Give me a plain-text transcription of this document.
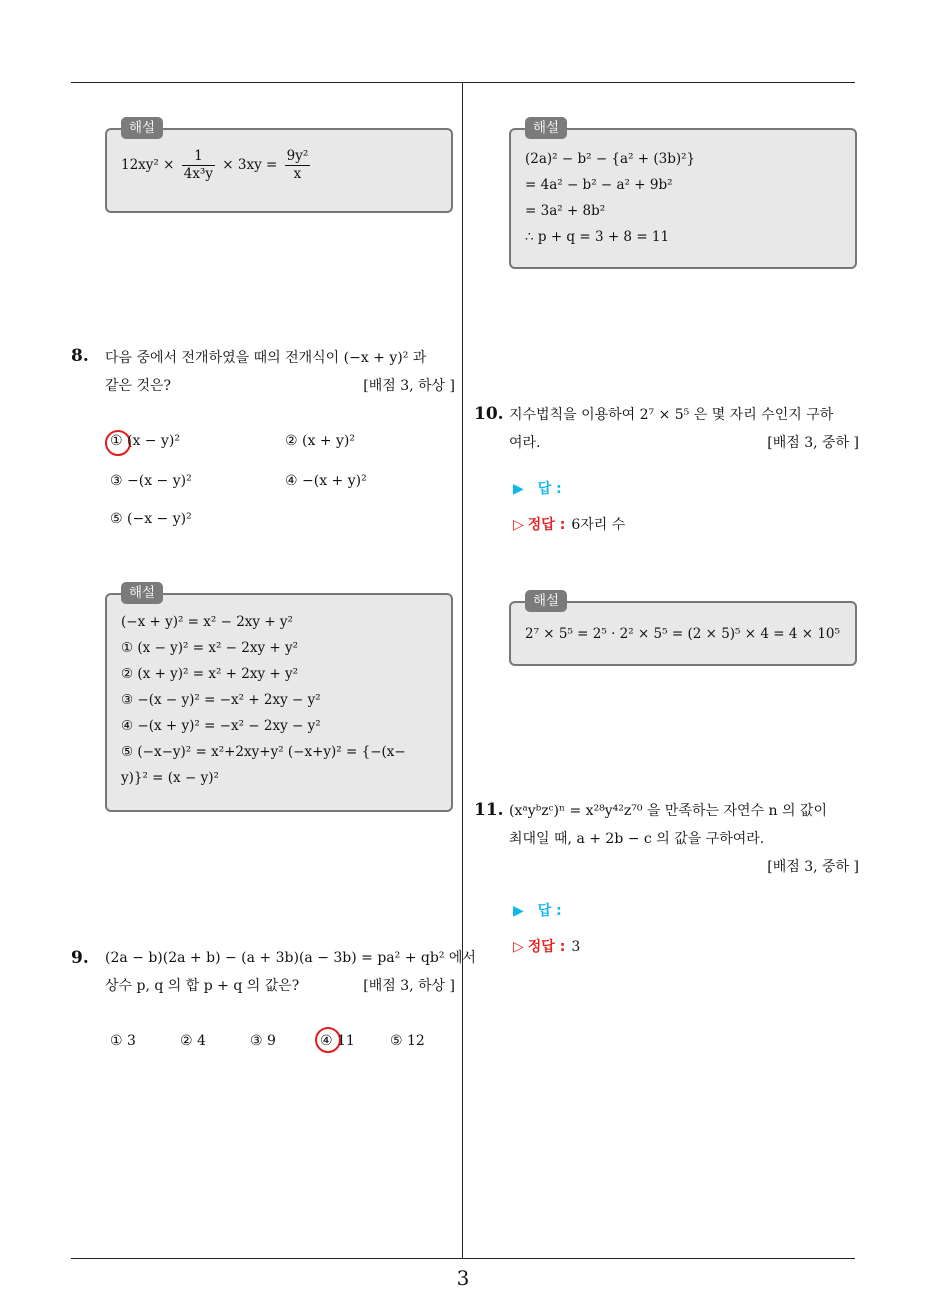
3
해설
$12xy^2 \times \frac{1}{\text{4x³y}} \times 3xy = \frac{\text{9y²}}{x}$
8. 다음 중에서 전개하였을 때의 전개식이 (−x + y)² 과
같은 것은?	[배점 3, 하상 ]
① (x − y)²	② (x + y)²
③ −(x − y)²	④ −(x + y)²
⑤ (−x − y)²
해설
(−x + y)² = x² − 2xy + y²
① (x − y)² = x² − 2xy + y²
② (x + y)² = x² + 2xy + y²
③ −(x − y)² = −x² + 2xy − y²
④ −(x + y)² = −x² − 2xy − y²
⑤ (−x−y)² = x²+2xy+y² (−x+y)² = {−(x−
y)}² = (x − y)²
9. (2a − b)(2a + b) − (a + 3b)(a − 3b) = pa² + qb² 에서
상수 p, q 의 합 p + q 의 값은?	[배점 3, 하상 ]
① 3	② 4	③ 9	④ 11	⑤ 12
해설
(2a)² − b² − {a² + (3b)²}
= 4a² − b² − a² + 9b²
= 3a² + 8b²
∴ p + q = 3 + 8 = 11
10. 지수법칙을 이용하여 2⁷ × 5⁵ 은 몇 자리 수인지 구하
여라.	[배점 3, 중하 ]
▶ 답 :
▷ 정답 : 6자리 수
해설
2⁷ × 5⁵ = 2⁵ · 2² × 5⁵ = (2 × 5)⁵ × 4 = 4 × 10⁵
11. (xᵃyᵇzᶜ)ⁿ = x²⁸y⁴²z⁷⁰ 을 만족하는 자연수 n 의 값이
최대일 때, a + 2b − c 의 값을 구하여라.
[배점 3, 중하 ]
▶ 답 :
▷ 정답 : 3
